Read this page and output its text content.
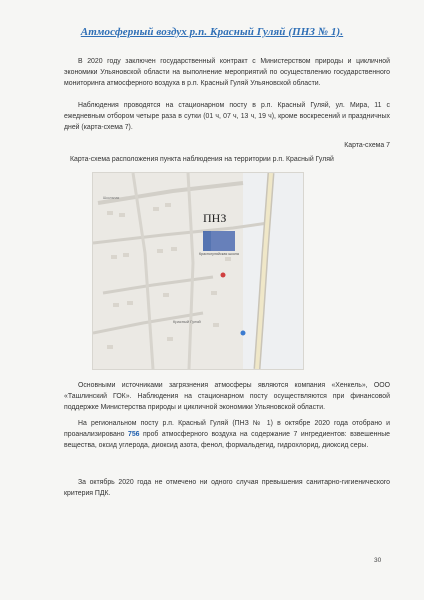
Атмосферный воздух р.п. Красный Гуляй (ПНЗ № 1).

В 2020 году заключен государственный контракт с Министерством природы и цикличной экономики Ульяновской области на выполнение мероприятий по осуществлению государственного мониторинга атмосферного воздуха в р.п. Красный Гуляй Ульяновской области.

Наблюдения проводятся на стационарном посту в р.п. Красный Гуляй, ул. Мира, 11 с ежедневным отбором четыре раза в сутки (01 ч, 07 ч, 13 ч, 19 ч), кроме воскресений и праздничных дней (карта-схема 7).

Карта-схема 7
Карта-схема расположения пункта наблюдения на территории р.п. Красный Гуляй
Красный Гуляй
Школьная
ПНЗ
Красногуляйская школа

Основными источниками загрязнения атмосферы являются компания «Хенкель», ООО «Ташлинский ГОК». Наблюдения на стационарном посту осуществляются при финансовой поддержке Министерства природы и цикличной экономики Ульяновской области.

На региональном посту р.п. Красный Гуляй (ПНЗ № 1) в октябре 2020 года отобрано и проанализировано 756 проб атмосферного воздуха на содержание 7 ингредиентов: взвешенные вещества, оксид углерода, диоксид азота, фенол, формальдегид, гидрохлорид, диоксид серы.

За октябрь 2020 года не отмечено ни одного случая превышения санитарно-гигиенического критерия ПДК.

30
